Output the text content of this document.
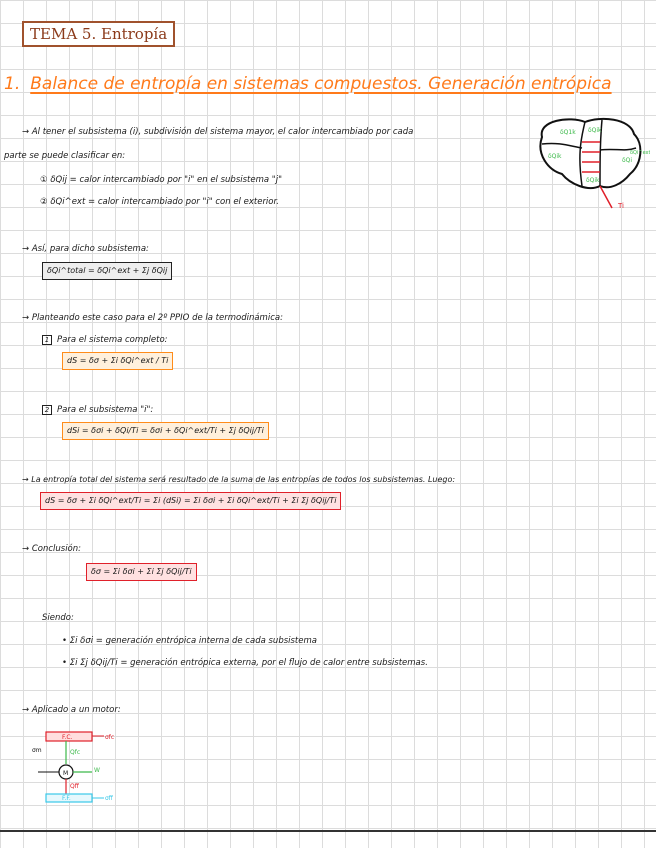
TEMA 5. Entropía
1. Balance de entropía en sistemas compuestos. Generación entrópica
→ Al tener el subsistema (i), subdivisión del sistema mayor, el calor intercambiado por cada
parte se puede clasificar en:
① δQij = calor intercambiado por "i" en el subsistema "j"
② δQi^ext = calor intercambiado por "i" con el exterior.
δQ1k δQik
δQik
δQi
δQik
δQi^ext
Ti
→ Así, para dicho subsistema:
δQi^total = δQi^ext + Σj δQij
→ Planteando este caso para el 2º PPIO de la termodinámica:
1 Para el sistema completo:
dS = δσ + Σi δQi^ext / Ti
2 Para el subsistema "i":
dSi = δσi + δQi/Ti = δσi + δQi^ext/Ti + Σj δQij/Ti
→ La entropía total del sistema será resultado de la suma de las entropías de todos los subsistemas. Luego:
dS = δσ + Σi δQi^ext/Ti = Σi (dSi) = Σi δσi + Σi δQi^ext/Ti + Σi Σj δQij/Ti
→ Conclusión:
δσ = Σi δσi + Σi Σj δQij/Ti
Siendo:
• Σi δσi = generación entrópica interna de cada subsistema
• Σi Σj δQij/Ti = generación entrópica externa, por el flujo de calor entre subsistemas.
→ Aplicado a un motor:
F.C.	σfc
Qfc
σm
M	W
Qff
F.F.	σff
